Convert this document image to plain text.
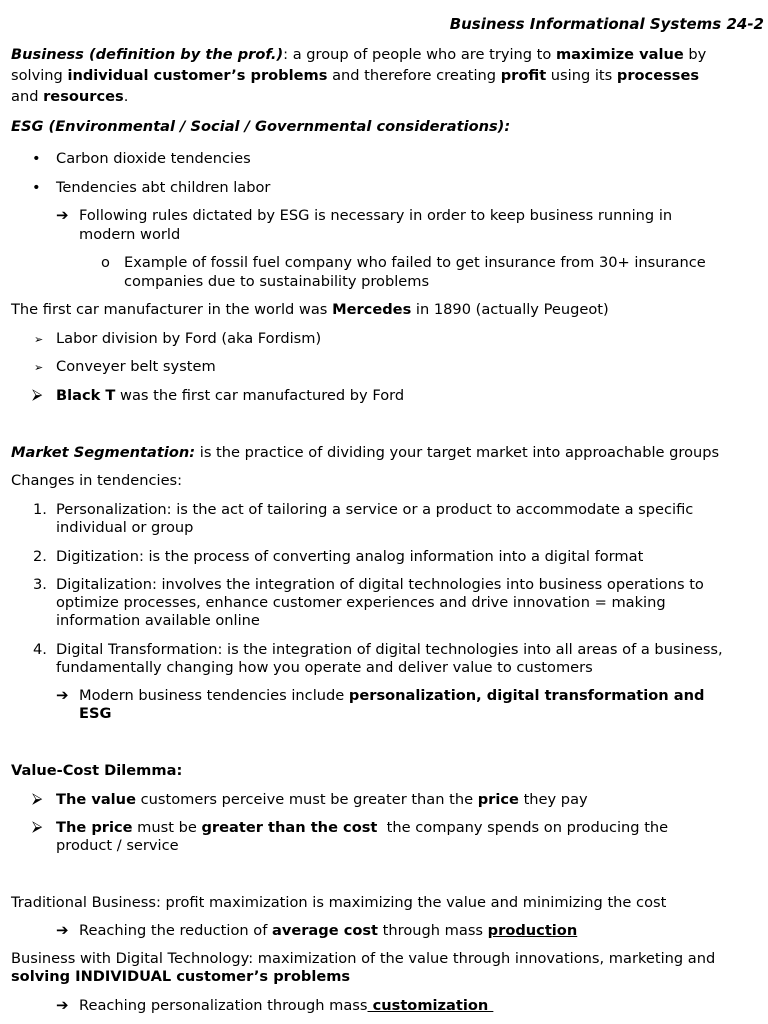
Business Informational Systems 24-2
Business (definition by the prof.): a group of people who are trying to maximize value by
solving individual customer’s problems and therefore creating profit using its processes
and resources.
ESG (Environmental / Social / Governmental considerations):
• Carbon dioxide tendencies
• Tendencies abt children labor
➔ Following rules dictated by ESG is necessary in order to keep business running in
modern world
o Example of fossil fuel company who failed to get insurance from 30+ insurance
companies due to sustainability problems
The first car manufacturer in the world was Mercedes in 1890 (actually Peugeot)
➢ Labor division by Ford (aka Fordism)
➢ Conveyer belt system
⮚ Black T was the first car manufactured by Ford
Market Segmentation: is the practice of dividing your target market into approachable groups
Changes in tendencies:
1. Personalization: is the act of tailoring a service or a product to accommodate a specific
individual or group
2. Digitization: is the process of converting analog information into a digital format
3. Digitalization: involves the integration of digital technologies into business operations to
optimize processes, enhance customer experiences and drive innovation = making
information available online
4. Digital Transformation: is the integration of digital technologies into all areas of a business,
fundamentally changing how you operate and deliver value to customers
➔ Modern business tendencies include personalization, digital transformation and
ESG
Value-Cost Dilemma:
⮚ The value customers perceive must be greater than the price they pay
⮚ The price must be greater than the cost  the company spends on producing the
product / service
Traditional Business: profit maximization is maximizing the value and minimizing the cost
➔ Reaching the reduction of average cost through mass production
Business with Digital Technology: maximization of the value through innovations, marketing and
solving INDIVIDUAL customer’s problems
➔ Reaching personalization through mass customization
